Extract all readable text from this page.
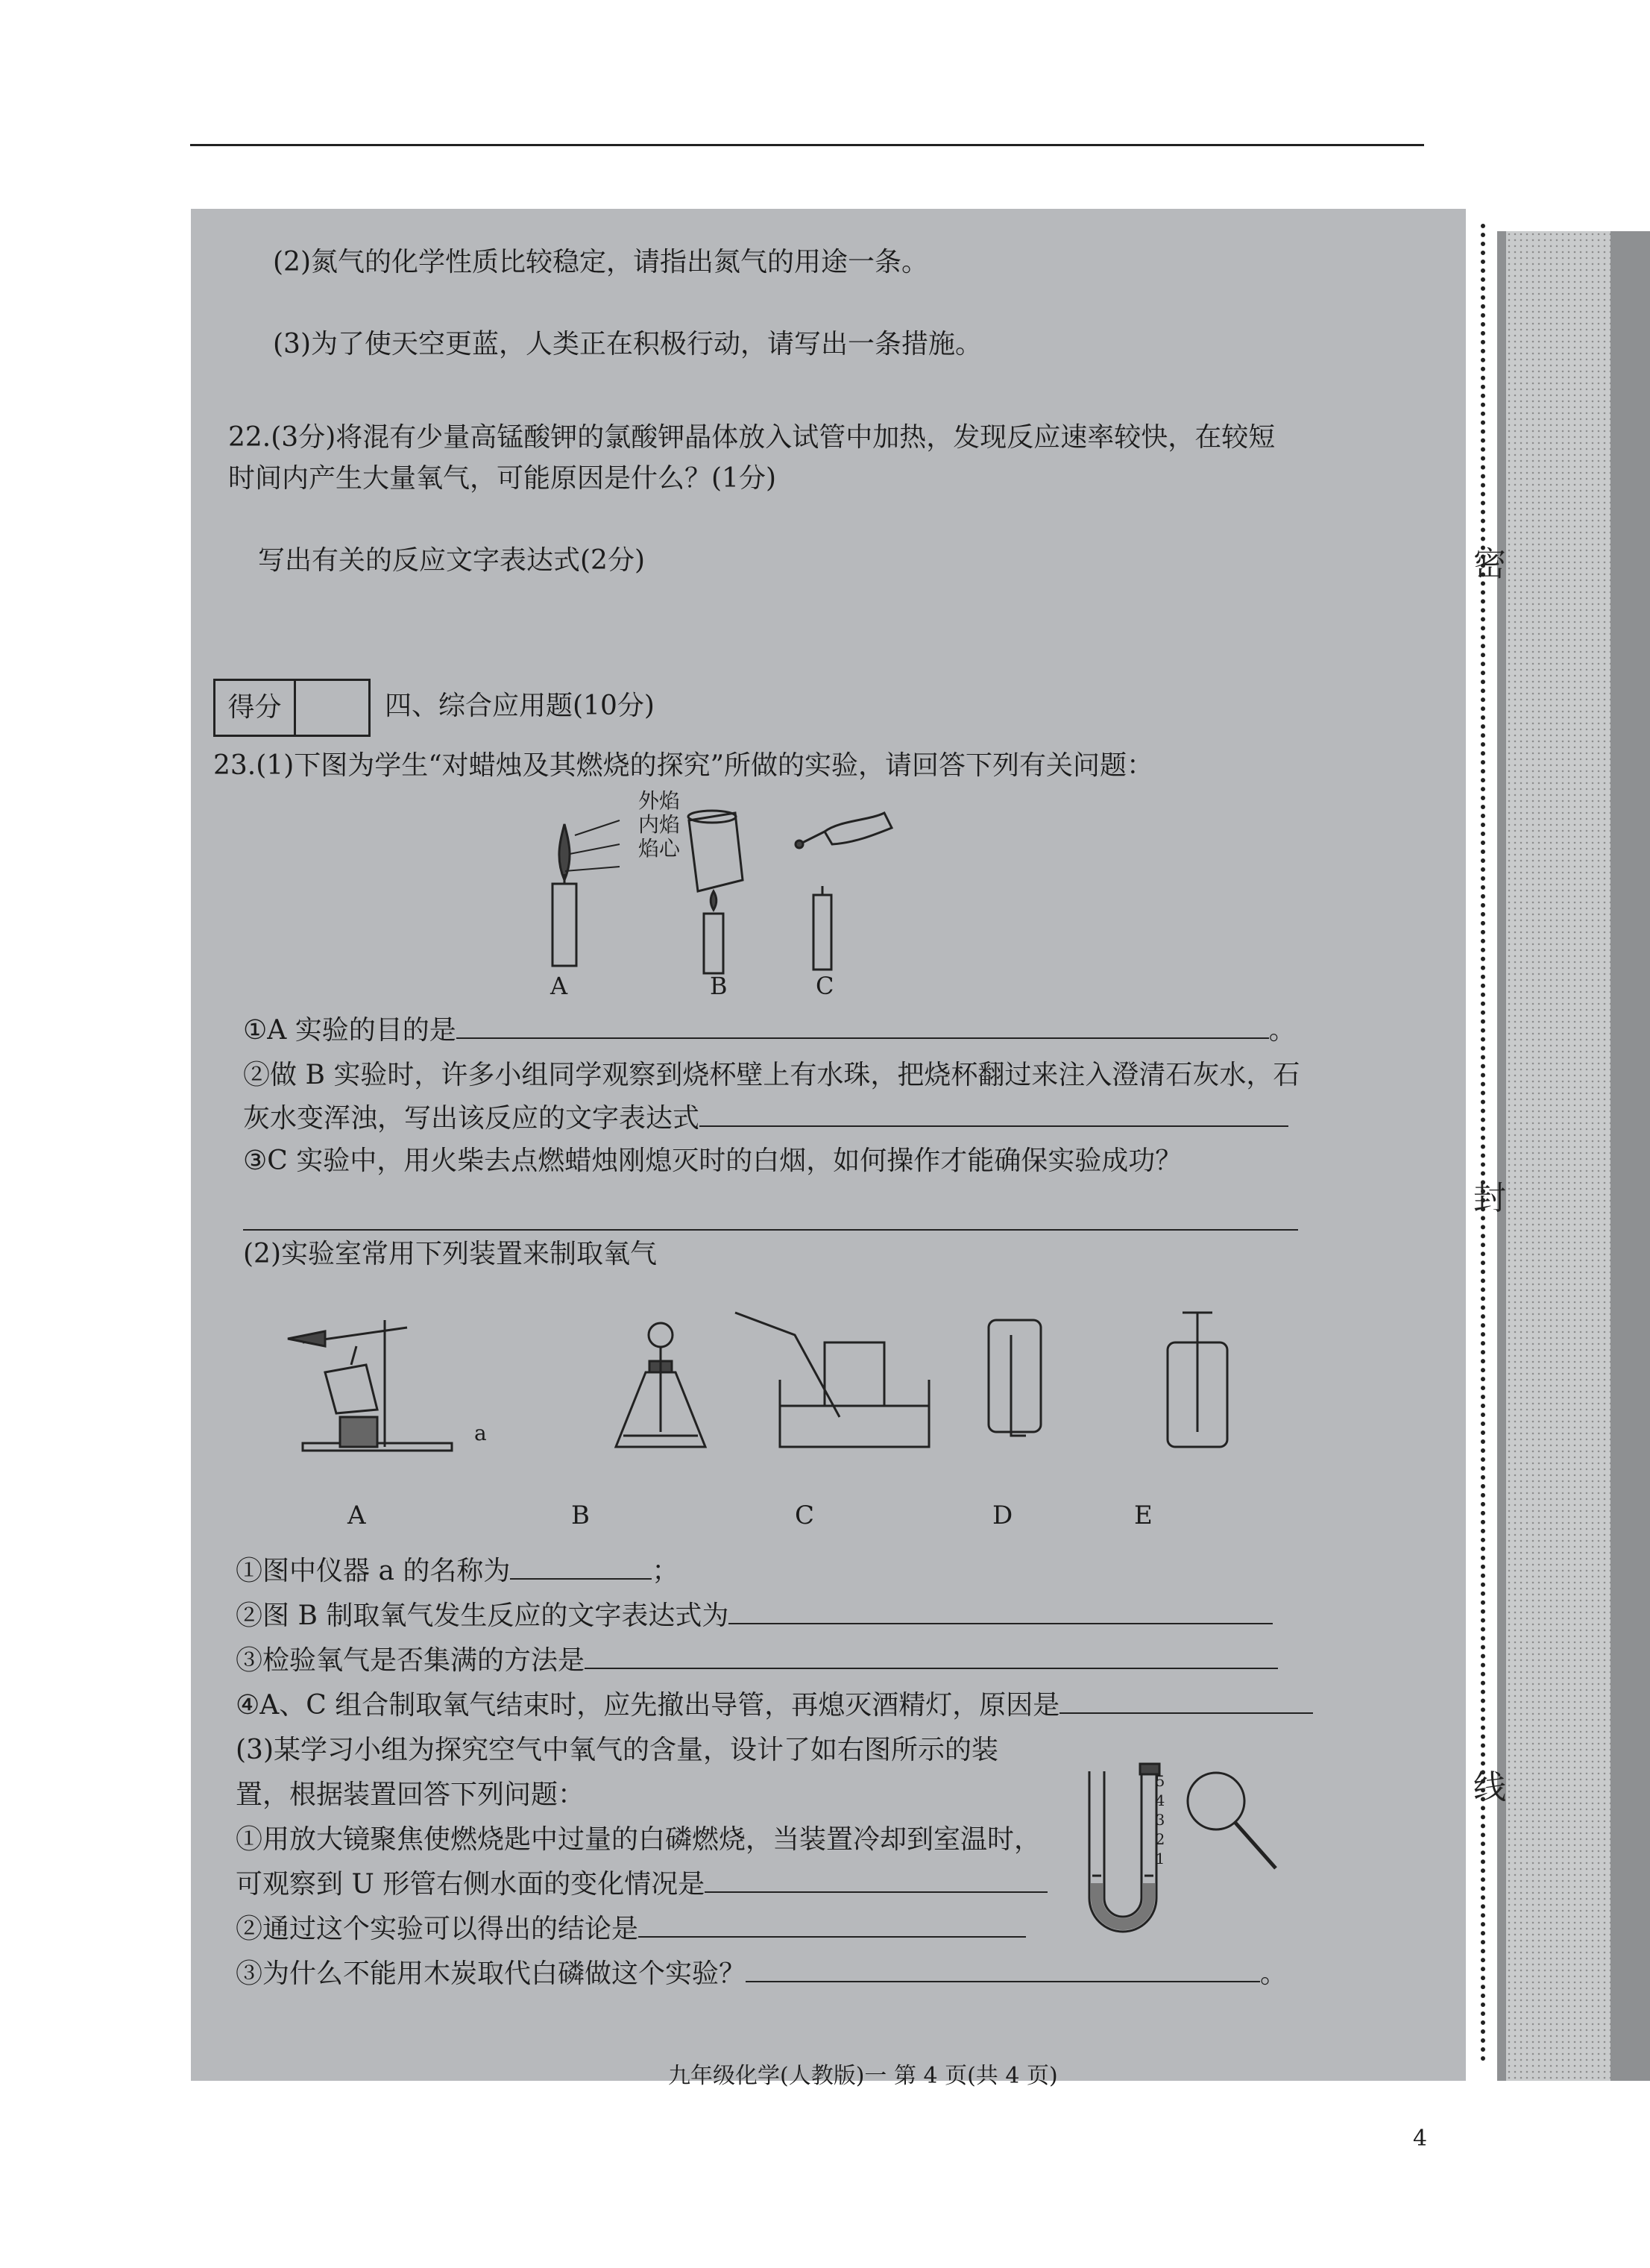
(2)氮气的化学性质比较稳定，请指出氮气的用途一条。
(3)为了使天空更蓝，人类正在积极行动，请写出一条措施。
22.(3分)将混有少量高锰酸钾的氯酸钾晶体放入试管中加热，发现反应速率较快，在较短
时间内产生大量氧气，可能原因是什么？(1分)
写出有关的反应文字表达式(2分)
得分	四、综合应用题(10分)
23.(1)下图为学生“对蜡烛及其燃烧的探究”所做的实验，请回答下列有关问题：
外焰
内焰
焰心
A	B	C
①A 实验的目的是	。
②做 B 实验时，许多小组同学观察到烧杯壁上有水珠，把烧杯翻过来注入澄清石灰水，石
灰水变浑浊，写出该反应的文字表达式
③C 实验中，用火柴去点燃蜡烛刚熄灭时的白烟，如何操作才能确保实验成功？
(2)实验室常用下列装置来制取氧气
A
a
B	C	D	E
①图中仪器 a 的名称为	；
②图 B 制取氧气发生反应的文字表达式为
③检验氧气是否集满的方法是
④A、C 组合制取氧气结束时，应先撤出导管，再熄灭酒精灯，原因是
(3)某学习小组为探究空气中氧气的含量，设计了如右图所示的装
置，根据装置回答下列问题：
①用放大镜聚焦使燃烧匙中过量的白磷燃烧，当装置冷却到室温时，
可观察到 U 形管右侧水面的变化情况是
②通过这个实验可以得出的结论是
③为什么不能用木炭取代白磷做这个实验？	。
5
4
3
2
1
九年级化学(人教版)一 第 4 页(共 4 页)
密
封
线
4
